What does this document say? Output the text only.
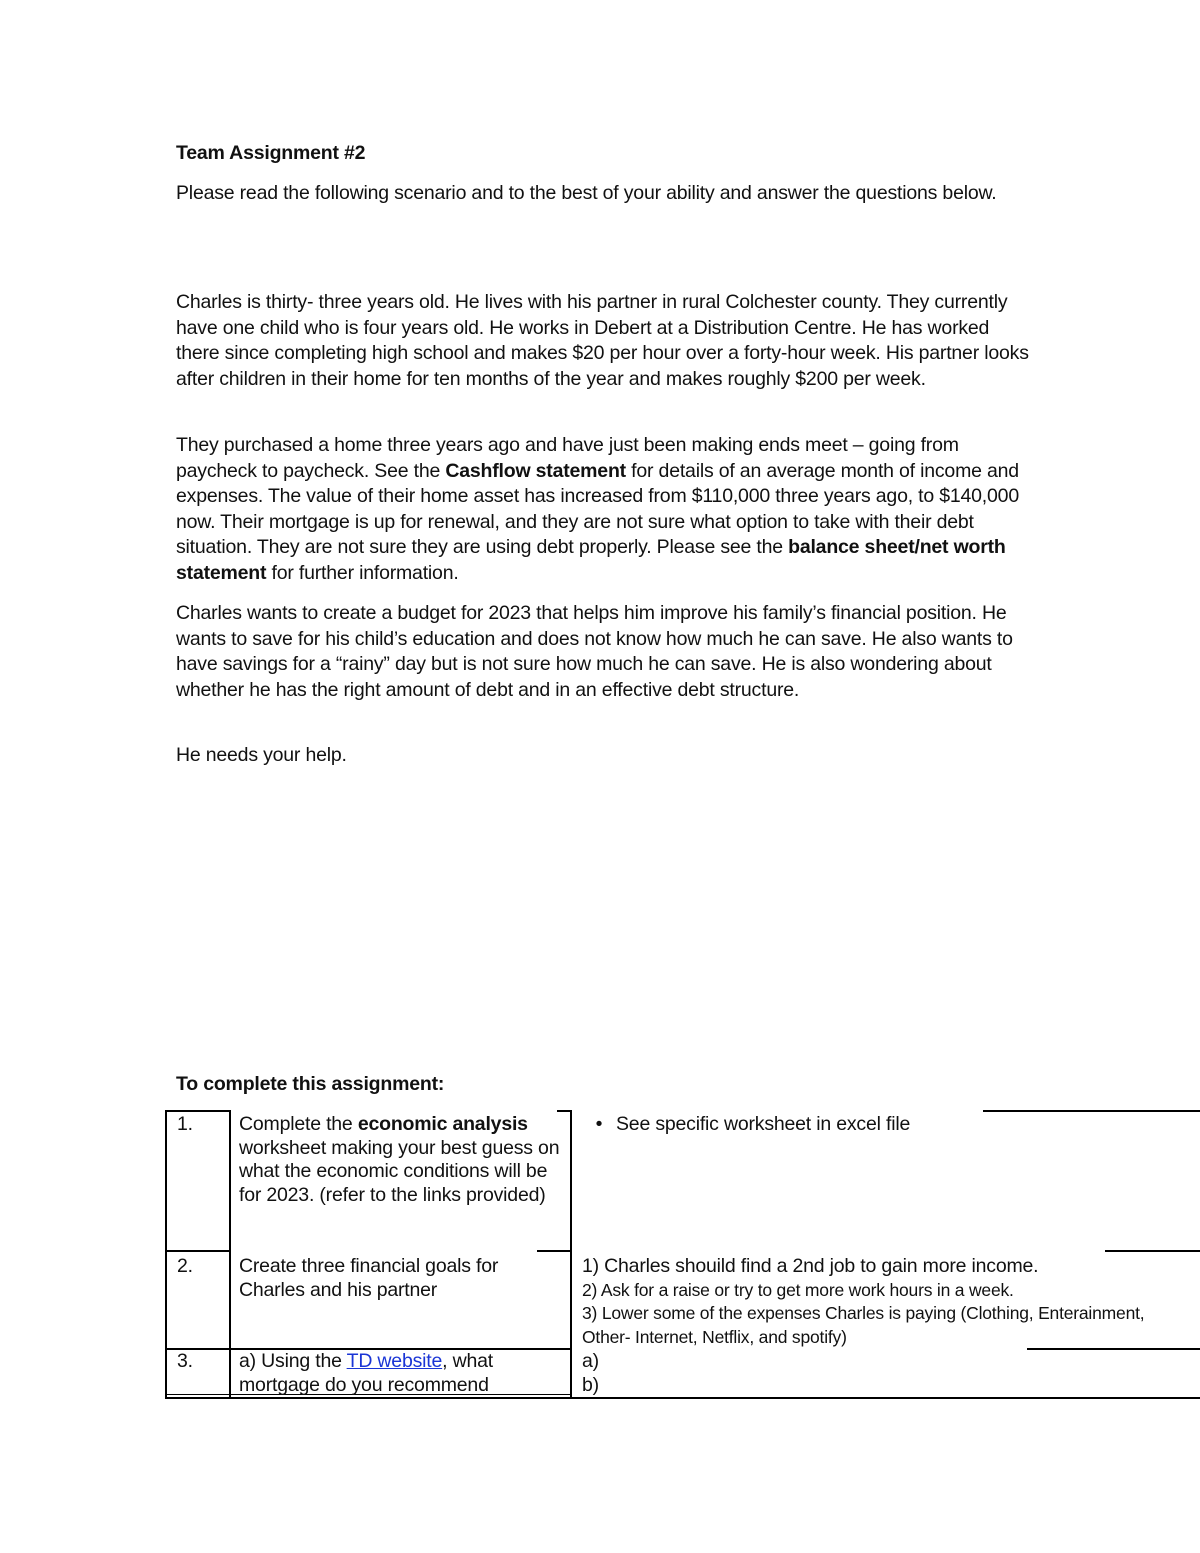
Team Assignment #2
Please read the following scenario and to the best of your ability and answer the questions below.
Charles is thirty- three years old. He lives with his partner in rural Colchester county. They currently have one child who is four years old. He works in Debert at a Distribution Centre. He has worked there since completing high school and makes $20 per hour over a forty-hour week. His partner looks after children in their home for ten months of the year and makes roughly $200 per week.
They purchased a home three years ago and have just been making ends meet – going from paycheck to paycheck. See the Cashflow statement for details of an average month of income and expenses. The value of their home asset has increased from $110,000 three years ago, to $140,000 now. Their mortgage is up for renewal, and they are not sure what option to take with their debt situation. They are not sure they are using debt properly. Please see the balance sheet/net worth statement for further information.
Charles wants to create a budget for 2023 that helps him improve his family’s financial position. He wants to save for his child’s education and does not know how much he can save. He also wants to have savings for a “rainy” day but is not sure how much he can save. He is also wondering about whether he has the right amount of debt and in an effective debt structure.
He needs your help.
To complete this assignment:
1. Complete the economic analysis worksheet making your best guess on what the economic conditions will be for 2023. (refer to the links provided)
• See specific worksheet in excel file
2. Create three financial goals for Charles and his partner
1) Charles shouild find a 2nd job to gain more income.
2) Ask for a raise or try to get more work hours in a week.
3) Lower some of the expenses Charles is paying (Clothing, Enterainment, Other- Internet, Netflix, and spotify)
3. a) Using the TD website, what mortgage do you recommend
a)
b)
